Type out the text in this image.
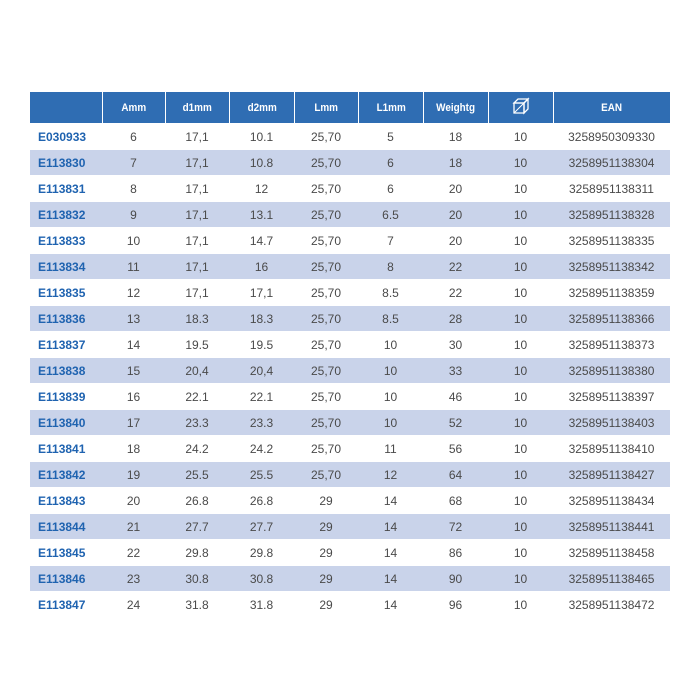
	Amm	d1mm	d2mm	Lmm	L1mm	Weightg		EAN
E030933	6	17,1	10.1	25,70	5	18	10	3258950309330
E113830	7	17,1	10.8	25,70	6	18	10	3258951138304
E113831	8	17,1	12	25,70	6	20	10	3258951138311
E113832	9	17,1	13.1	25,70	6.5	20	10	3258951138328
E113833	10	17,1	14.7	25,70	7	20	10	3258951138335
E113834	11	17,1	16	25,70	8	22	10	3258951138342
E113835	12	17,1	17,1	25,70	8.5	22	10	3258951138359
E113836	13	18.3	18.3	25,70	8.5	28	10	3258951138366
E113837	14	19.5	19.5	25,70	10	30	10	3258951138373
E113838	15	20,4	20,4	25,70	10	33	10	3258951138380
E113839	16	22.1	22.1	25,70	10	46	10	3258951138397
E113840	17	23.3	23.3	25,70	10	52	10	3258951138403
E113841	18	24.2	24.2	25,70	11	56	10	3258951138410
E113842	19	25.5	25.5	25,70	12	64	10	3258951138427
E113843	20	26.8	26.8	29	14	68	10	3258951138434
E113844	21	27.7	27.7	29	14	72	10	3258951138441
E113845	22	29.8	29.8	29	14	86	10	3258951138458
E113846	23	30.8	30.8	29	14	90	10	3258951138465
E113847	24	31.8	31.8	29	14	96	10	3258951138472
